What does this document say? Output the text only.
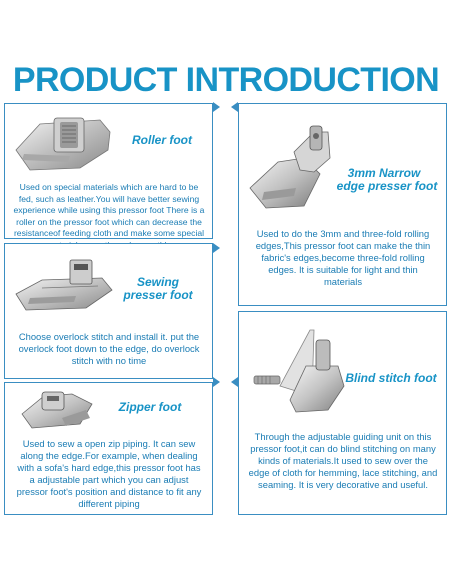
PRODUCT INTRODUCTION
Roller foot
Used on special materials which are hard to be fed, such as leather.You will have better sewing experience while using this pressor foot There is a roller on the pressor foot which can decrease the resistanceof feeding cloth and make some special
3mm Narrow
edge presser foot
Used to do the 3mm and three-fold rolling edges,This pressor foot can make the thin fabric's edges,become three-fold rolling edges. It is suitable for light and thin materials
Sewing
presser foot
Choose overlock stitch and install it. put the overlock foot down to the edge, do overlock stitch with no time
Blind stitch foot
Through the adjustable guiding unit on this pressor foot,it can do blind stitching on many kinds of materials.It used to sew over the edge of cloth for hemming, lace stitching, and seaming. It is very decorative and useful.
Zipper foot
Used to sew a open zip piping. It can sew along the edge.For example, when dealing with a sofa's hard edge,this pressor foot has a adjustable part which you can adjust pressor foot's position and distance to fit any different piping
